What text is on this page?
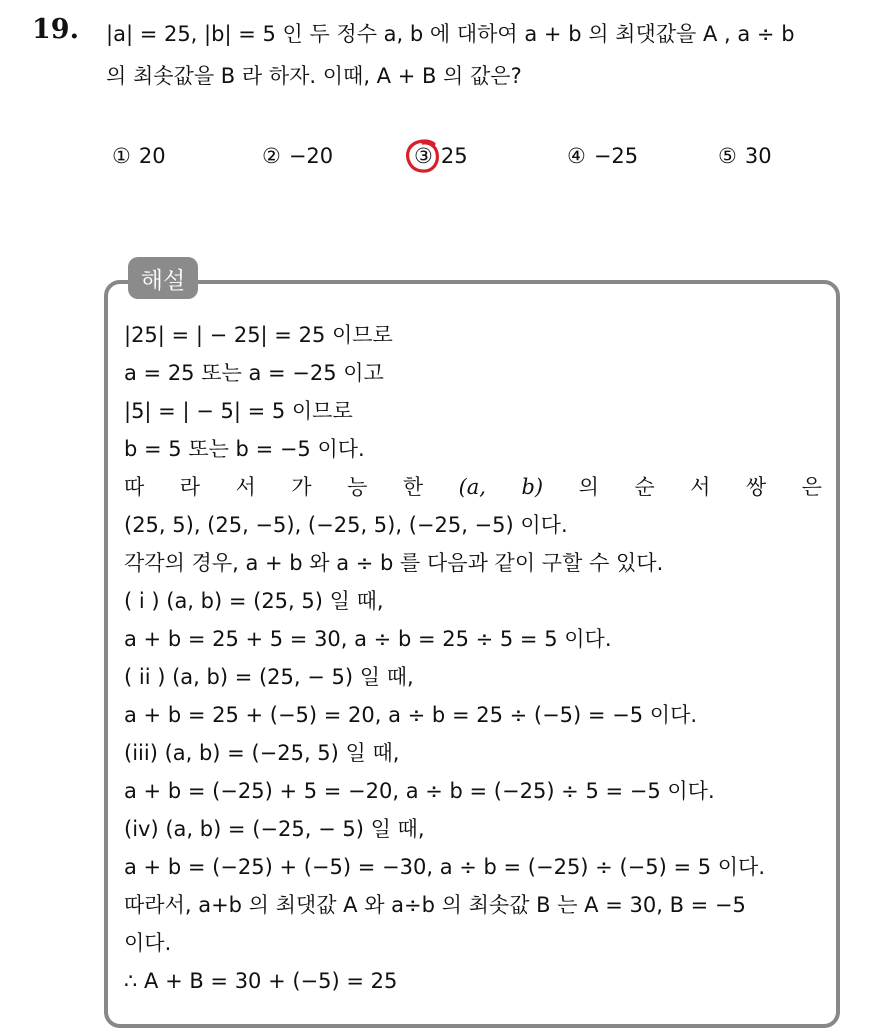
19. |a| = 25, |b| = 5 인 두 정수 a, b 에 대하여 a + b 의 최댓값을 A , a ÷ b
의 최솟값을 B 라 하자. 이때, A + B 의 값은?
① 20	② −20	③ 25	④ −25	⑤ 30
해설
|25| = | − 25| = 25 이므로
a = 25 또는 a = −25 이고
|5| = | − 5| = 5 이므로
b = 5 또는 b = −5 이다.
따 라 서 가 능 한 (a, b) 의 순 서 쌍 은
(25, 5), (25, −5), (−25, 5), (−25, −5) 이다.
각각의 경우, a + b 와 a ÷ b 를 다음과 같이 구할 수 있다.
( i ) (a, b) = (25, 5) 일 때,
a + b = 25 + 5 = 30, a ÷ b = 25 ÷ 5 = 5 이다.
( ii ) (a, b) = (25, − 5) 일 때,
a + b = 25 + (−5) = 20, a ÷ b = 25 ÷ (−5) = −5 이다.
(iii) (a, b) = (−25, 5) 일 때,
a + b = (−25) + 5 = −20, a ÷ b = (−25) ÷ 5 = −5 이다.
(iv) (a, b) = (−25, − 5) 일 때,
a + b = (−25) + (−5) = −30, a ÷ b = (−25) ÷ (−5) = 5 이다.
따라서, a+b 의 최댓값 A 와 a÷b 의 최솟값 B 는 A = 30, B = −5
이다.
∴ A + B = 30 + (−5) = 25
